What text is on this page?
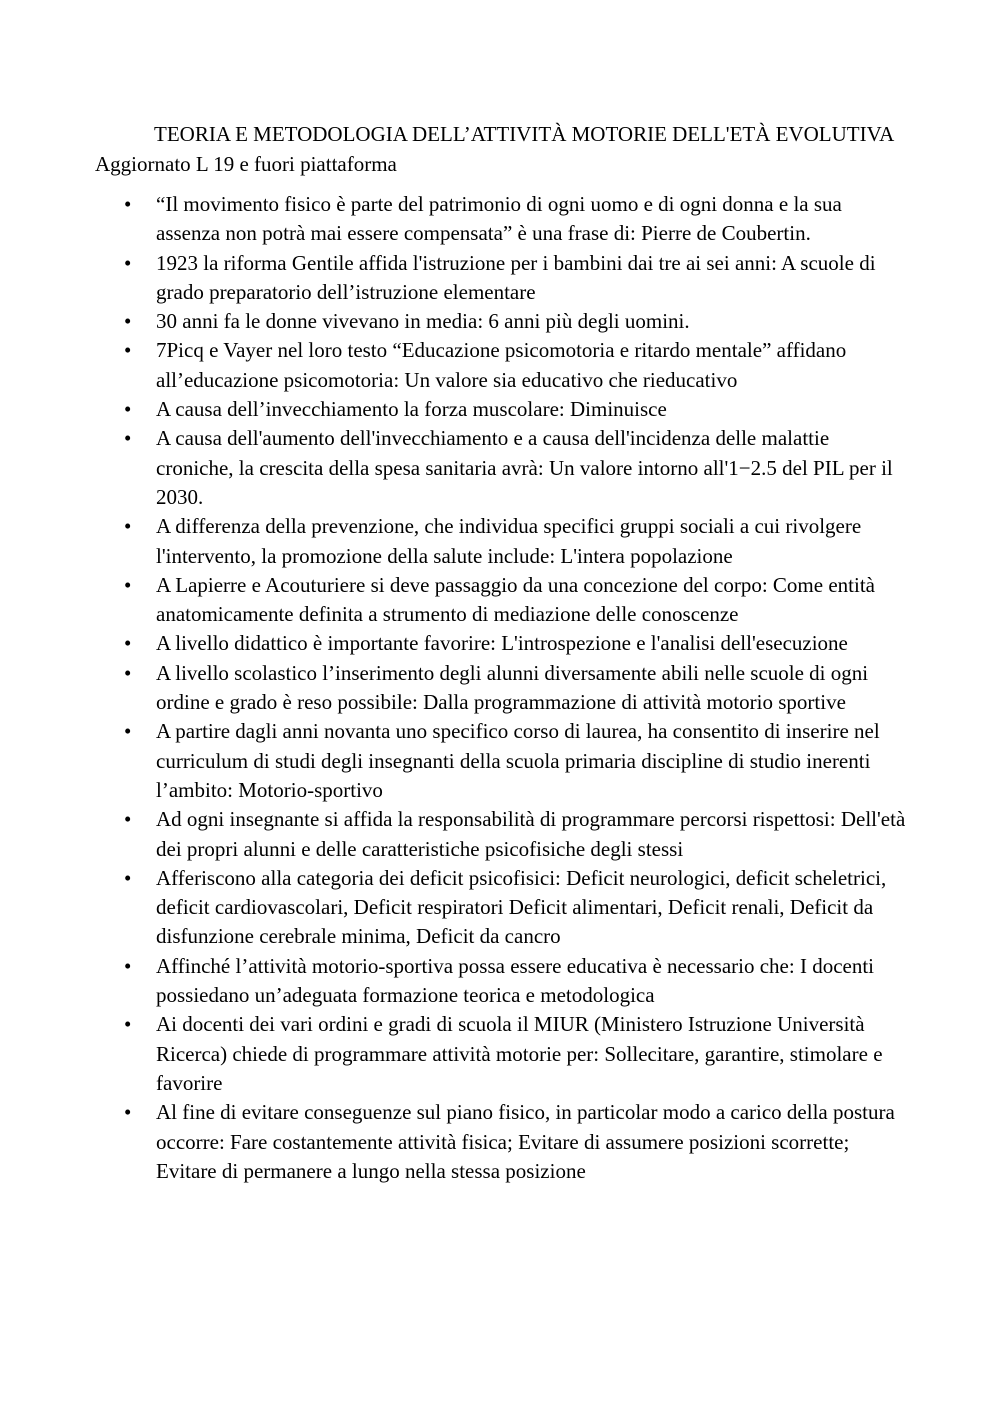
TEORIA E METODOLOGIA DELL’ATTIVITÀ MOTORIE DELL'ETÀ EVOLUTIVA Aggiornato L 19 e fuori piattaforma

• “Il movimento fisico è parte del patrimonio di ogni uomo e di ogni donna e la sua assenza non potrà mai essere compensata” è una frase di: Pierre de Coubertin.
• 1923 la riforma Gentile affida l'istruzione per i bambini dai tre ai sei anni: A scuole di grado preparatorio dell’istruzione elementare
• 30 anni fa le donne vivevano in media: 6 anni più degli uomini.
• 7Picq e Vayer nel loro testo “Educazione psicomotoria e ritardo mentale” affidano all’educazione psicomotoria: Un valore sia educativo che rieducativo
• A causa dell’invecchiamento la forza muscolare: Diminuisce
• A causa dell'aumento dell'invecchiamento e a causa dell'incidenza delle malattie croniche, la crescita della spesa sanitaria avrà: Un valore intorno all'1−2.5 del PIL per il 2030.
• A differenza della prevenzione, che individua specifici gruppi sociali a cui rivolgere l'intervento, la promozione della salute include: L'intera popolazione
• A Lapierre e Acouturiere si deve passaggio da una concezione del corpo: Come entità anatomicamente definita a strumento di mediazione delle conoscenze
• A livello didattico è importante favorire: L'introspezione e l'analisi dell'esecuzione
• A livello scolastico l’inserimento degli alunni diversamente abili nelle scuole di ogni ordine e grado è reso possibile: Dalla programmazione di attività motorio sportive
• A partire dagli anni novanta uno specifico corso di laurea, ha consentito di inserire nel curriculum di studi degli insegnanti della scuola primaria discipline di studio inerenti l’ambito: Motorio-sportivo
• Ad ogni insegnante si affida la responsabilità di programmare percorsi rispettosi: Dell'età dei propri alunni e delle caratteristiche psicofisiche degli stessi
• Afferiscono alla categoria dei deficit psicofisici: Deficit neurologici, deficit scheletrici, deficit cardiovascolari, Deficit respiratori Deficit alimentari, Deficit renali, Deficit da disfunzione cerebrale minima, Deficit da cancro
• Affinché l’attività motorio-sportiva possa essere educativa è necessario che: I docenti possiedano un’adeguata formazione teorica e metodologica
• Ai docenti dei vari ordini e gradi di scuola il MIUR (Ministero Istruzione Università Ricerca) chiede di programmare attività motorie per: Sollecitare, garantire, stimolare e favorire
• Al fine di evitare conseguenze sul piano fisico, in particolar modo a carico della postura occorre: Fare costantemente attività fisica; Evitare di assumere posizioni scorrette; Evitare di permanere a lungo nella stessa posizione
